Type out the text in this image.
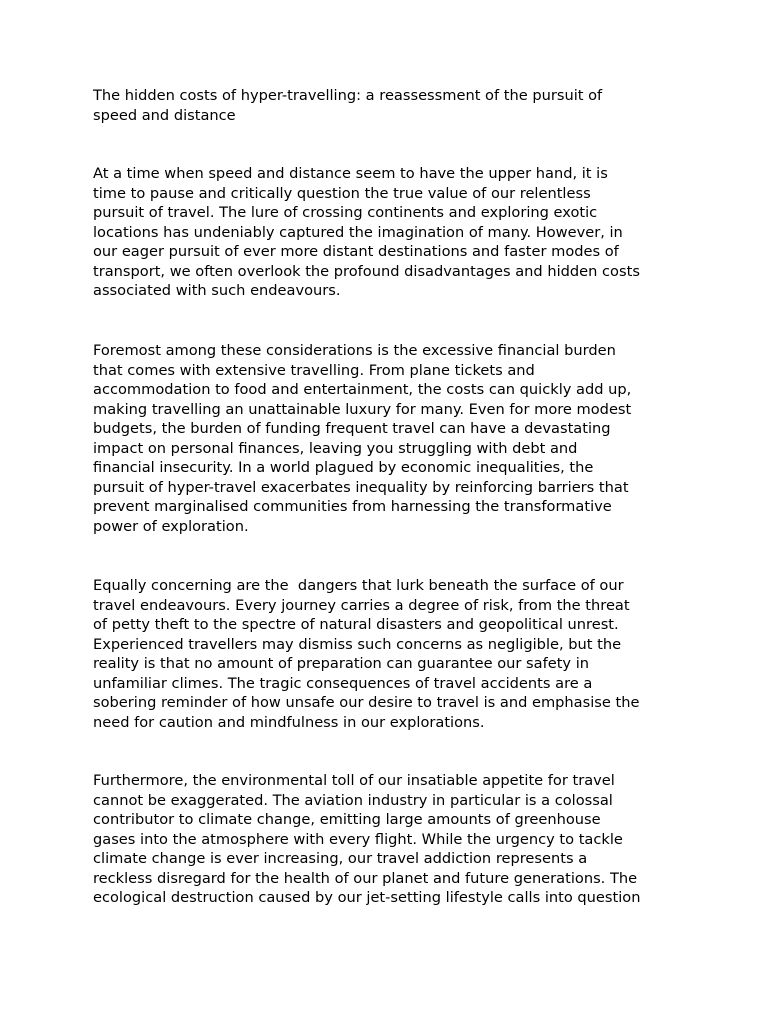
The hidden costs of hyper-travelling: a reassessment of the pursuit of
speed and distance

At a time when speed and distance seem to have the upper hand, it is
time to pause and critically question the true value of our relentless
pursuit of travel. The lure of crossing continents and exploring exotic
locations has undeniably captured the imagination of many. However, in
our eager pursuit of ever more distant destinations and faster modes of
transport, we often overlook the profound disadvantages and hidden costs
associated with such endeavours.

Foremost among these considerations is the excessive financial burden
that comes with extensive travelling. From plane tickets and
accommodation to food and entertainment, the costs can quickly add up,
making travelling an unattainable luxury for many. Even for more modest
budgets, the burden of funding frequent travel can have a devastating
impact on personal finances, leaving you struggling with debt and
financial insecurity. In a world plagued by economic inequalities, the
pursuit of hyper-travel exacerbates inequality by reinforcing barriers that
prevent marginalised communities from harnessing the transformative
power of exploration.

Equally concerning are the  dangers that lurk beneath the surface of our
travel endeavours. Every journey carries a degree of risk, from the threat
of petty theft to the spectre of natural disasters and geopolitical unrest.
Experienced travellers may dismiss such concerns as negligible, but the
reality is that no amount of preparation can guarantee our safety in
unfamiliar climes. The tragic consequences of travel accidents are a
sobering reminder of how unsafe our desire to travel is and emphasise the
need for caution and mindfulness in our explorations.

Furthermore, the environmental toll of our insatiable appetite for travel
cannot be exaggerated. The aviation industry in particular is a colossal
contributor to climate change, emitting large amounts of greenhouse
gases into the atmosphere with every flight. While the urgency to tackle
climate change is ever increasing, our travel addiction represents a
reckless disregard for the health of our planet and future generations. The
ecological destruction caused by our jet-setting lifestyle calls into question
